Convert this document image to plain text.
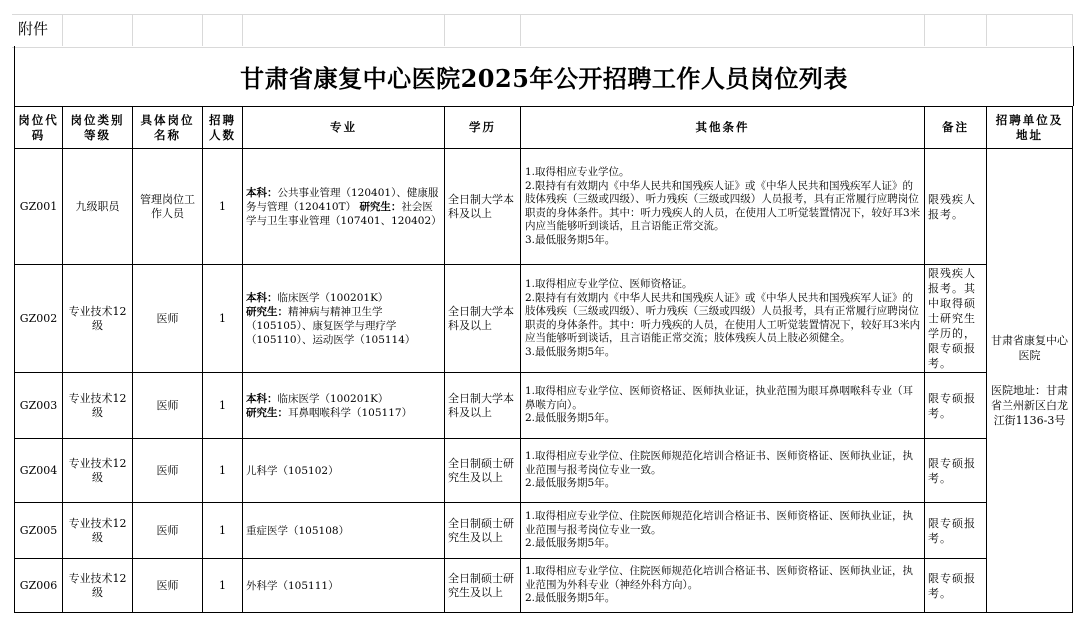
附件
甘肃省康复中心医院2025年公开招聘工作人员岗位列表
岗位代码	岗位类别等级	具体岗位名称	招聘人数	专业	学历	其他条件	备注	招聘单位及地址
GZ001	九级职员	管理岗位工作人员	1	本科：公共事业管理（120401）、健康服务与管理（120410T） 研究生：社会医学与卫生事业管理（107401、120402）	全日制大学本科及以上	1.取得相应专业学位。
2.限持有有效期内《中华人民共和国残疾人证》或《中华人民共和国残疾军人证》的肢体残疾（三级或四级）、听力残疾（三级或四级）人员报考，具有正常履行应聘岗位职责的身体条件。其中：听力残疾人的人员，在使用人工听觉装置情况下，较好耳3米内应当能够听到谈话，且言语能正常交流。
3.最低服务期5年。	限残疾人报考。	甘肃省康复中心医院
医院地址：甘肃省兰州新区白龙江街1136-3号

GZ002	专业技术12级	医师	1	本科：临床医学（100201K）
研究生：精神病与精神卫生学（105105）、康复医学与理疗学（105110）、运动医学（105114）	全日制大学本科及以上	1.取得相应专业学位、医师资格证。
2.限持有有效期内《中华人民共和国残疾人证》或《中华人民共和国残疾军人证》的肢体残疾（三级或四级）、听力残疾（三级或四级）人员报考，具有正常履行应聘岗位职责的身体条件。其中：听力残疾的人员，在使用人工听觉装置情况下，较好耳3米内应当能够听到谈话，且言语能正常交流；肢体残疾人员上肢必须健全。
3.最低服务期5年。	限残疾人报考。其中取得硕士研究生学历的，限专硕报考。	
GZ003	专业技术12级	医师	1	本科：临床医学（100201K）
研究生：耳鼻咽喉科学（105117）	全日制大学本科及以上	1.取得相应专业学位、医师资格证、医师执业证，执业范围为眼耳鼻咽喉科专业（耳鼻喉方向）。
2.最低服务期5年。	限专硕报考。	
GZ004	专业技术12级	医师	1	儿科学（105102）	全日制硕士研究生及以上	1.取得相应专业学位、住院医师规范化培训合格证书、医师资格证、医师执业证，执业范围与报考岗位专业一致。
2.最低服务期5年。	限专硕报考。	
GZ005	专业技术12级	医师	1	重症医学（105108）	全日制硕士研究生及以上	1.取得相应专业学位、住院医师规范化培训合格证书、医师资格证、医师执业证，执业范围与报考岗位专业一致。
2.最低服务期5年。	限专硕报考。	
GZ006	专业技术12级	医师	1	外科学（105111）	全日制硕士研究生及以上	1.取得相应专业学位、住院医师规范化培训合格证书、医师资格证、医师执业证，执业范围为外科专业（神经外科方向）。
2.最低服务期5年。	限专硕报考。	
